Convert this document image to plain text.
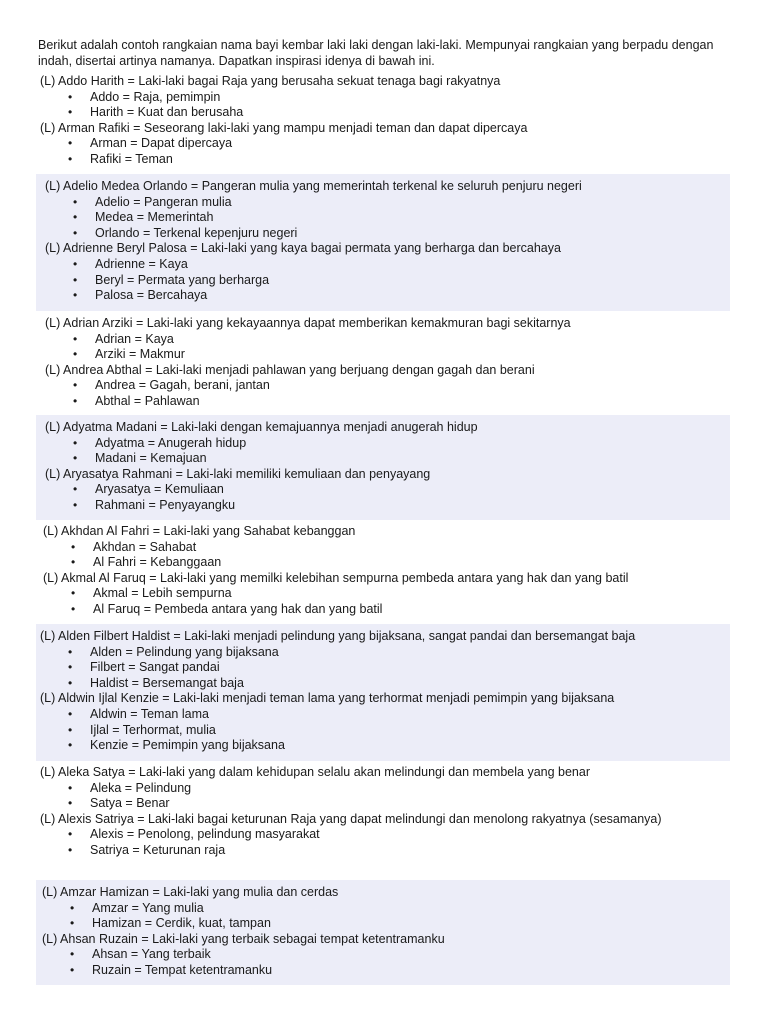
Berikut adalah contoh rangkaian nama bayi kembar laki laki dengan laki-laki. Mempunyai rangkaian yang berpadu dengan indah, disertai artinya namanya. Dapatkan inspirasi idenya di bawah ini.

(L) Addo Harith = Laki-laki bagai Raja yang berusaha sekuat tenaga bagi rakyatnya
• Addo = Raja, pemimpin
• Harith = Kuat dan berusaha
(L) Arman Rafiki = Seseorang laki-laki yang mampu menjadi teman dan dapat dipercaya
• Arman = Dapat dipercaya
• Rafiki = Teman
(L) Adelio Medea Orlando = Pangeran mulia yang memerintah terkenal ke seluruh penjuru negeri
• Adelio = Pangeran mulia
• Medea = Memerintah
• Orlando = Terkenal kepenjuru negeri
(L) Adrienne Beryl Palosa = Laki-laki yang kaya bagai permata yang berharga dan bercahaya
• Adrienne = Kaya
• Beryl = Permata yang berharga
• Palosa = Bercahaya
(L) Adrian Arziki = Laki-laki yang kekayaannya dapat memberikan kemakmuran bagi sekitarnya
• Adrian = Kaya
• Arziki = Makmur
(L) Andrea Abthal = Laki-laki menjadi pahlawan yang berjuang dengan gagah dan berani
• Andrea = Gagah, berani, jantan
• Abthal = Pahlawan
(L) Adyatma Madani = Laki-laki dengan kemajuannya menjadi anugerah hidup
• Adyatma = Anugerah hidup
• Madani = Kemajuan
(L) Aryasatya Rahmani = Laki-laki memiliki kemuliaan dan penyayang
• Aryasatya = Kemuliaan
• Rahmani = Penyayangku
(L) Akhdan Al Fahri = Laki-laki yang Sahabat kebanggan
• Akhdan = Sahabat
• Al Fahri = Kebanggaan
(L) Akmal Al Faruq = Laki-laki yang memilki kelebihan sempurna pembeda antara yang hak dan yang batil
• Akmal = Lebih sempurna
• Al Faruq = Pembeda antara yang hak dan yang batil
(L) Alden Filbert Haldist = Laki-laki menjadi pelindung yang bijaksana, sangat pandai dan bersemangat baja
• Alden = Pelindung yang bijaksana
• Filbert = Sangat pandai
• Haldist = Bersemangat baja
(L) Aldwin Ijlal Kenzie = Laki-laki menjadi teman lama yang terhormat menjadi pemimpin yang bijaksana
• Aldwin = Teman lama
• Ijlal = Terhormat, mulia
• Kenzie = Pemimpin yang bijaksana
(L) Aleka Satya = Laki-laki yang dalam kehidupan selalu akan melindungi dan membela yang benar
• Aleka = Pelindung
• Satya = Benar
(L) Alexis Satriya = Laki-laki bagai keturunan Raja yang dapat melindungi dan menolong rakyatnya (sesamanya)
• Alexis = Penolong, pelindung masyarakat
• Satriya = Keturunan raja
(L) Amzar Hamizan = Laki-laki yang mulia dan cerdas
• Amzar = Yang mulia
• Hamizan = Cerdik, kuat, tampan
(L) Ahsan Ruzain = Laki-laki yang terbaik sebagai tempat ketentramanku
• Ahsan = Yang terbaik
• Ruzain = Tempat ketentramanku
